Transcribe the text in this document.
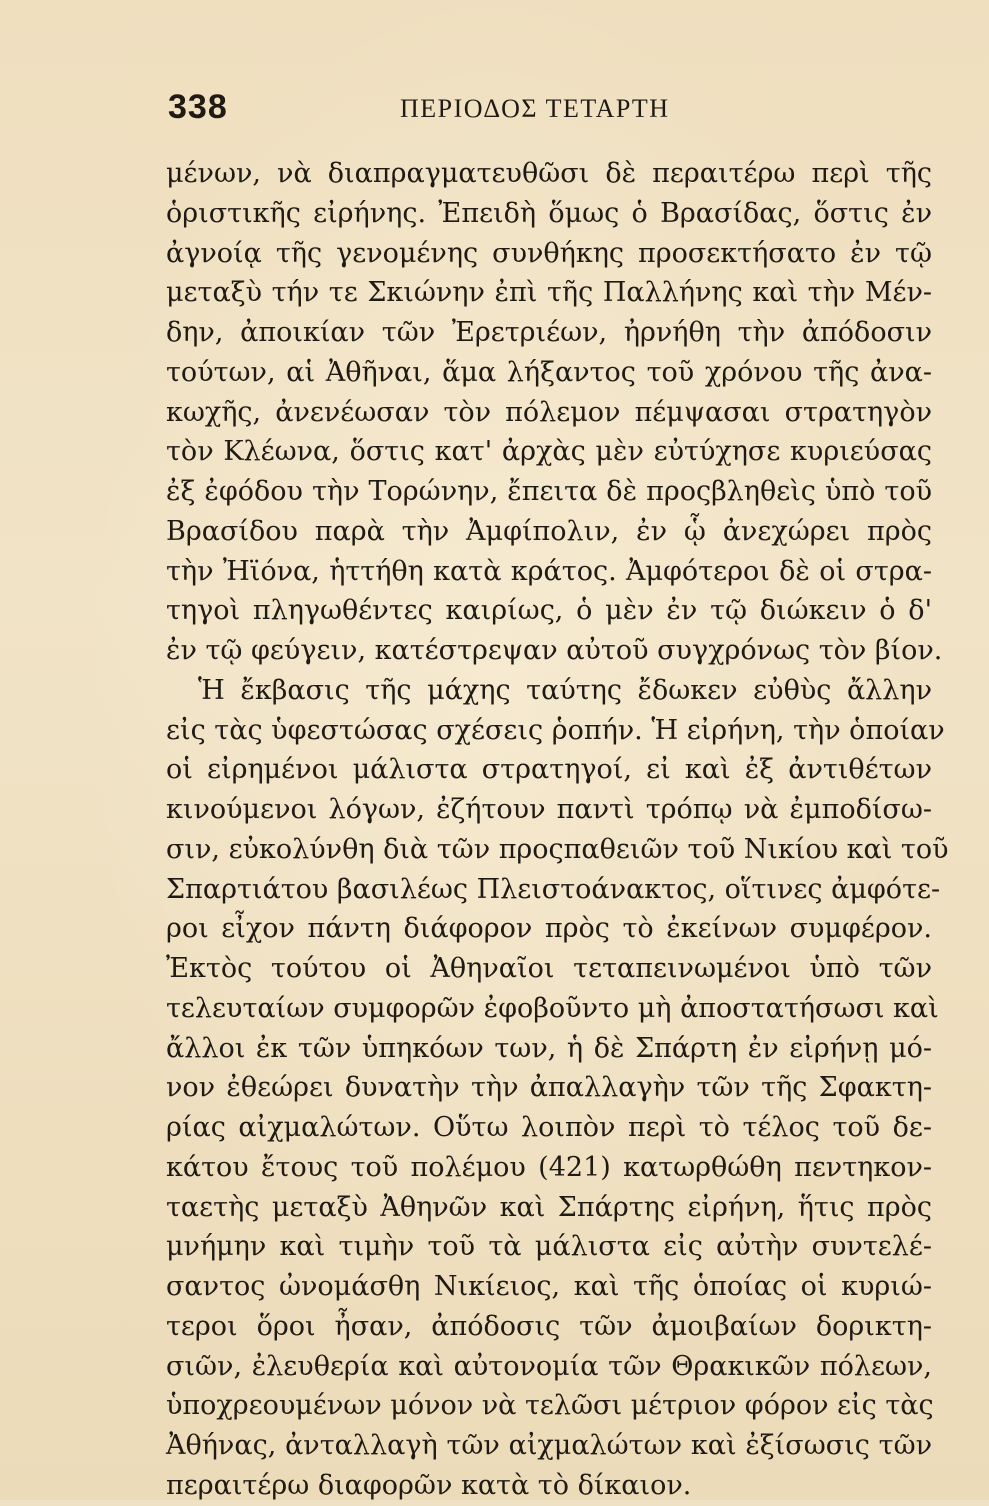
338	ΠΕΡΙΟΔΟΣ ΤΕΤΑΡΤΗ
μένων, νὰ διαπραγματευθῶσι δὲ περαιτέρω περὶ τῆς
ὁριστικῆς εἰρήνης. Ἐπειδὴ ὅμως ὁ Βρασίδας, ὅστις ἐν
ἀγνοίᾳ τῆς γενομένης συνθήκης προσεκτήσατο ἐν τῷ
μεταξὺ τήν τε Σκιώνην ἐπὶ τῆς Παλλήνης καὶ τὴν Μέν-
δην, ἀποικίαν τῶν Ἐρετριέων, ἠρνήθη τὴν ἀπόδοσιν
τούτων, αἱ Ἀθῆναι, ἅμα λήξαντος τοῦ χρόνου τῆς ἀνα-
κωχῆς, ἀνενέωσαν τὸν πόλεμον πέμψασαι στρατηγὸν
τὸν Κλέωνα, ὅστις κατ' ἀρχὰς μὲν εὐτύχησε κυριεύσας
ἐξ ἐφόδου τὴν Τορώνην, ἔπειτα δὲ προςβληθεὶς ὑπὸ τοῦ
Βρασίδου παρὰ τὴν Ἀμφίπολιν, ἐν ᾧ ἀνεχώρει πρὸς
τὴν Ἠϊόνα, ἡττήθη κατὰ κράτος. Ἀμφότεροι δὲ οἱ στρα-
τηγοὶ πληγωθέντες καιρίως, ὁ μὲν ἐν τῷ διώκειν ὁ δ'
ἐν τῷ φεύγειν, κατέστρεψαν αὐτοῦ συγχρόνως τὸν βίον.
Ἡ ἔκβασις τῆς μάχης ταύτης ἔδωκεν εὐθὺς ἄλλην
εἰς τὰς ὑφεστώσας σχέσεις ῥοπήν. Ἡ εἰρήνη, τὴν ὁποίαν
οἱ εἰρημένοι μάλιστα στρατηγοί, εἰ καὶ ἐξ ἀντιθέτων
κινούμενοι λόγων, ἐζήτουν παντὶ τρόπῳ νὰ ἐμποδίσω-
σιν, εὐκολύνθη διὰ τῶν προςπαθειῶν τοῦ Νικίου καὶ τοῦ
Σπαρτιάτου βασιλέως Πλειστοάνακτος, οἵτινες ἀμφότε-
ροι εἶχον πάντη διάφορον πρὸς τὸ ἐκείνων συμφέρον.
Ἐκτὸς τούτου οἱ Ἀθηναῖοι τεταπεινωμένοι ὑπὸ τῶν
τελευταίων συμφορῶν ἐφοβοῦντο μὴ ἀποστατήσωσι καὶ
ἄλλοι ἐκ τῶν ὑπηκόων των, ἡ δὲ Σπάρτη ἐν εἰρήνῃ μό-
νον ἐθεώρει δυνατὴν τὴν ἀπαλλαγὴν τῶν τῆς Σφακτη-
ρίας αἰχμαλώτων. Οὕτω λοιπὸν περὶ τὸ τέλος τοῦ δε-
κάτου ἔτους τοῦ πολέμου (421) κατωρθώθη πεντηκον-
ταετὴς μεταξὺ Ἀθηνῶν καὶ Σπάρτης εἰρήνη, ἥτις πρὸς
μνήμην καὶ τιμὴν τοῦ τὰ μάλιστα εἰς αὐτὴν συντελέ-
σαντος ὠνομάσθη Νικίειος, καὶ τῆς ὁποίας οἱ κυριώ-
τεροι ὅροι ἦσαν, ἀπόδοσις τῶν ἀμοιβαίων δορικτη-
σιῶν, ἐλευθερία καὶ αὐτονομία τῶν Θρακικῶν πόλεων,
ὑποχρεουμένων μόνον νὰ τελῶσι μέτριον φόρον εἰς τὰς
Ἀθήνας, ἀνταλλαγὴ τῶν αἰχμαλώτων καὶ ἐξίσωσις τῶν
περαιτέρω διαφορῶν κατὰ τὸ δίκαιον.
